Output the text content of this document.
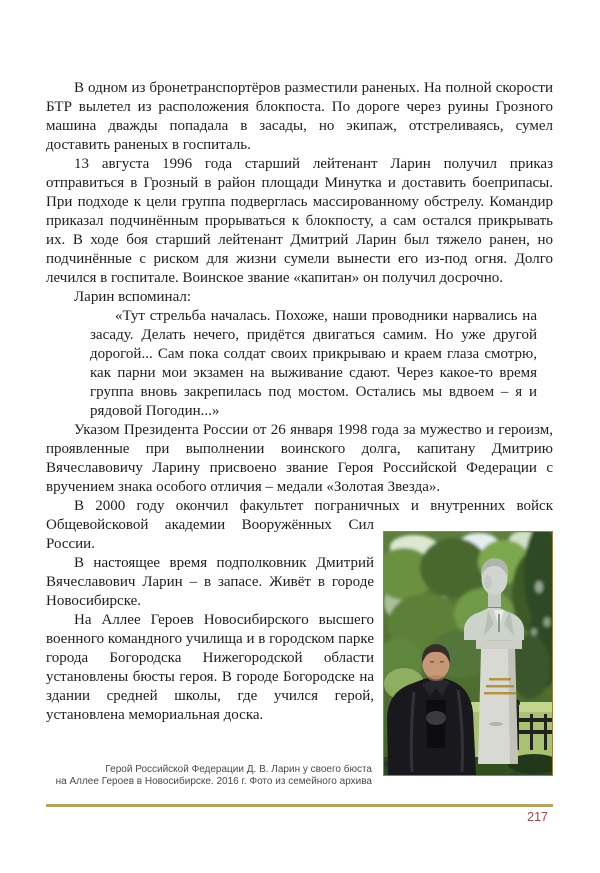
В одном из бронетранспортёров разместили раненых. На полной скорости БТР вылетел из расположения блокпоста. По дороге через руины Грозного машина дважды попадала в засады, но экипаж, отстреливаясь, сумел доставить раненых в госпиталь.

13 августа 1996 года старший лейтенант Ларин получил приказ отправиться в Грозный в район площади Минутка и доставить боеприпасы. При подходе к цели группа подверглась массированному обстрелу. Командир приказал подчинённым прорываться к блокпосту, а сам остался прикрывать их. В ходе боя старший лейтенант Дмитрий Ларин был тяжело ранен, но подчинённые с риском для жизни сумели вынести его из-под огня. Долго лечился в госпитале. Воинское звание «капитан» он получил досрочно.

Ларин вспоминал:

«Тут стрельба началась. Похоже, наши проводники нарвались на засаду. Делать нечего, придётся двигаться самим. Но уже другой дорогой... Сам пока солдат своих прикрываю и краем глаза смотрю, как парни мои экзамен на выживание сдают. Через какое-то время группа вновь закрепилась под мостом. Остались мы вдвоем – я и рядовой Погодин...»

Указом Президента России от 26 января 1998 года за мужество и героизм, проявленные при выполнении воинского долга, капитану Дмитрию Вячеславовичу Ларину присвоено звание Героя Российской Федерации с вручением знака особого отличия – медали «Золотая Звезда».

В 2000 году окончил факультет пограничных и внутренних войск
Общевойсковой академии Вооружённых Сил России.

В настоящее время подполковник Дмитрий Вячеславович Ларин – в запасе. Живёт в городе Новосибирске.

На Аллее Героев Новосибирского высшего военного командного училища и в городском парке города Богородска Нижегородской области установлены бюсты героя. В городе Богородске на здании средней школы, где учился герой, установлена мемориальная доска.

Герой Российской Федерации Д. В. Ларин у своего бюста
на Аллее Героев в Новосибирске. 2016 г. Фото из семейного архива
217
